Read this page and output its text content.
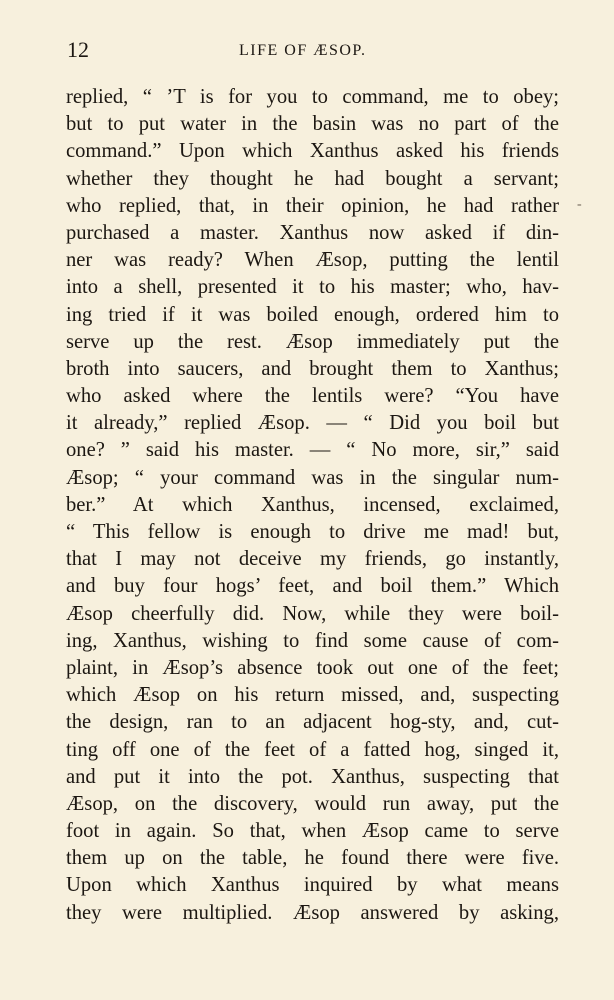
12	LIFE OF ÆSOP.
-
replied, “ ’T is for you to command, me to obey;
but to put water in the basin was no part of the
command.” Upon which Xanthus asked his friends
whether they thought he had bought a servant;
who replied, that, in their opinion, he had rather
purchased a master. Xanthus now asked if din-
ner was ready? When Æsop, putting the lentil
into a shell, presented it to his master; who, hav-
ing tried if it was boiled enough, ordered him to
serve up the rest. Æsop immediately put the
broth into saucers, and brought them to Xanthus;
who asked where the lentils were? “You have
it already,” replied Æsop. — “ Did you boil but
one? ” said his master. — “ No more, sir,” said
Æsop; “ your command was in the singular num-
ber.” At which Xanthus, incensed, exclaimed,
“ This fellow is enough to drive me mad! but,
that I may not deceive my friends, go instantly,
and buy four hogs’ feet, and boil them.” Which
Æsop cheerfully did. Now, while they were boil-
ing, Xanthus, wishing to find some cause of com-
plaint, in Æsop’s absence took out one of the feet;
which Æsop on his return missed, and, suspecting
the design, ran to an adjacent hog-sty, and, cut-
ting off one of the feet of a fatted hog, singed it,
and put it into the pot. Xanthus, suspecting that
Æsop, on the discovery, would run away, put the
foot in again. So that, when Æsop came to serve
them up on the table, he found there were five.
Upon which Xanthus inquired by what means
they were multiplied. Æsop answered by asking,
